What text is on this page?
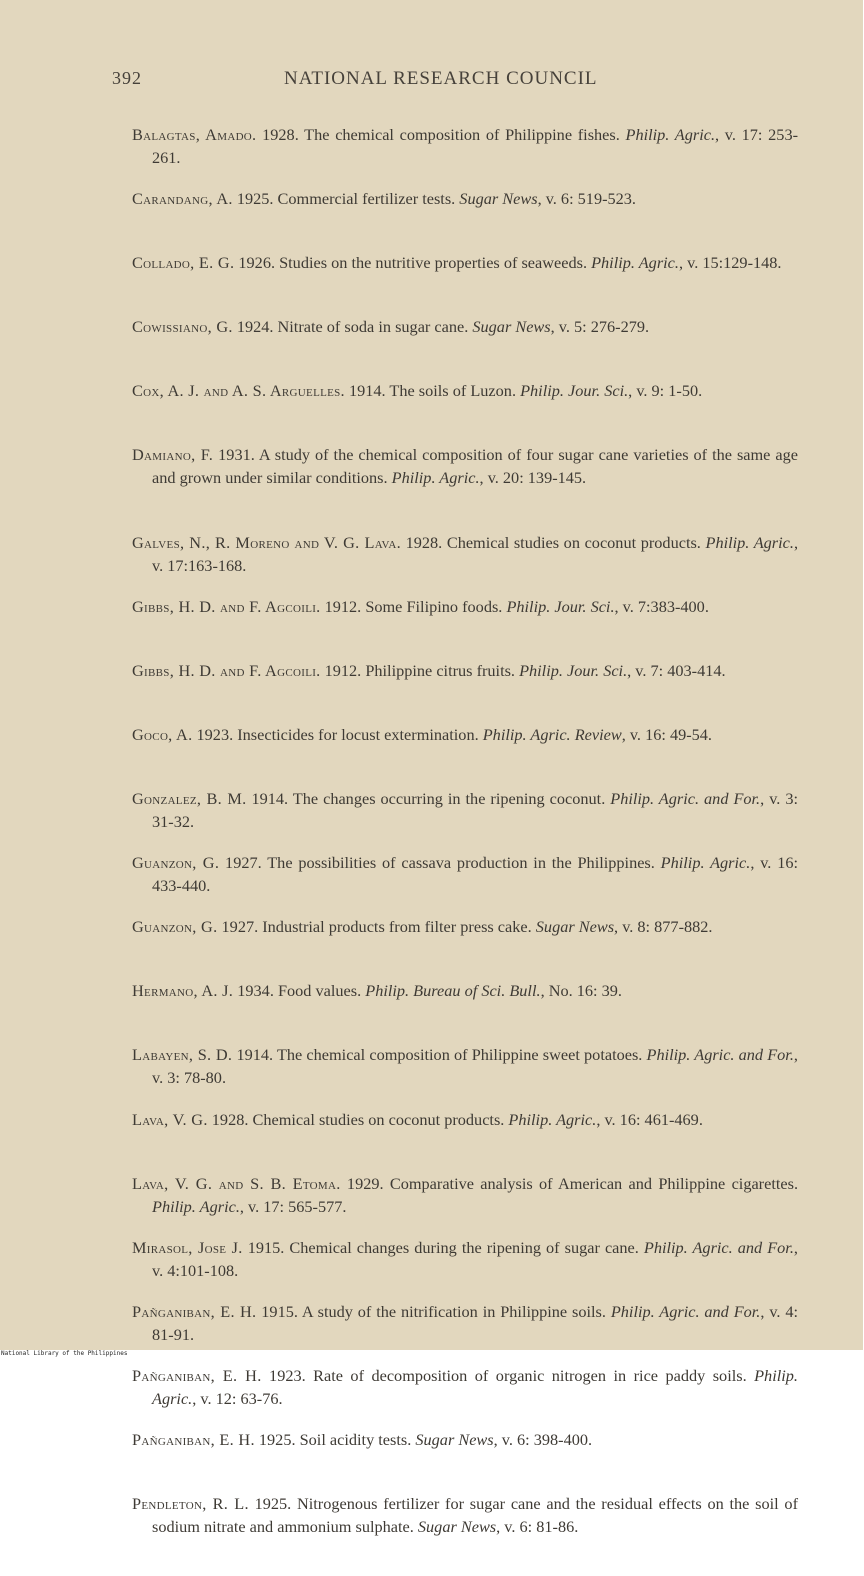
392	NATIONAL RESEARCH COUNCIL
Balagtas, Amado. 1928. The chemical composition of Philippine fishes. Philip. Agric., v. 17: 253-261.
Carandang, A. 1925. Commercial fertilizer tests. Sugar News, v. 6: 519-523.
Collado, E. G. 1926. Studies on the nutritive properties of seaweeds. Philip. Agric., v. 15:129-148.
Cowissiano, G. 1924. Nitrate of soda in sugar cane. Sugar News, v. 5: 276-279.
Cox, A. J. and A. S. Arguelles. 1914. The soils of Luzon. Philip. Jour. Sci., v. 9: 1-50.
Damiano, F. 1931. A study of the chemical composition of four sugar cane varieties of the same age and grown under similar conditions. Philip. Agric., v. 20: 139-145.
Galves, N., R. Moreno and V. G. Lava. 1928. Chemical studies on coconut products. Philip. Agric., v. 17:163-168.
Gibbs, H. D. and F. Agcoili. 1912. Some Filipino foods. Philip. Jour. Sci., v. 7:383-400.
Gibbs, H. D. and F. Agcoili. 1912. Philippine citrus fruits. Philip. Jour. Sci., v. 7: 403-414.
Goco, A. 1923. Insecticides for locust extermination. Philip. Agric. Review, v. 16: 49-54.
Gonzalez, B. M. 1914. The changes occurring in the ripening coconut. Philip. Agric. and For., v. 3: 31-32.
Guanzon, G. 1927. The possibilities of cassava production in the Philippines. Philip. Agric., v. 16: 433-440.
Guanzon, G. 1927. Industrial products from filter press cake. Sugar News, v. 8: 877-882.
Hermano, A. J. 1934. Food values. Philip. Bureau of Sci. Bull., No. 16: 39.
Labayen, S. D. 1914. The chemical composition of Philippine sweet potatoes. Philip. Agric. and For., v. 3: 78-80.
Lava, V. G. 1928. Chemical studies on coconut products. Philip. Agric., v. 16: 461-469.
Lava, V. G. and S. B. Etoma. 1929. Comparative analysis of American and Philippine cigarettes. Philip. Agric., v. 17: 565-577.
Mirasol, Jose J. 1915. Chemical changes during the ripening of sugar cane. Philip. Agric. and For., v. 4:101-108.
Pañganiban, E. H. 1915. A study of the nitrification in Philippine soils. Philip. Agric. and For., v. 4: 81-91.
Pañganiban, E. H. 1923. Rate of decomposition of organic nitrogen in rice paddy soils. Philip. Agric., v. 12: 63-76.
Pañganiban, E. H. 1925. Soil acidity tests. Sugar News, v. 6: 398-400.
Pendleton, R. L. 1925. Nitrogenous fertilizer for sugar cane and the residual effects on the soil of sodium nitrate and ammonium sulphate. Sugar News, v. 6: 81-86.
National Library of the Philippines
